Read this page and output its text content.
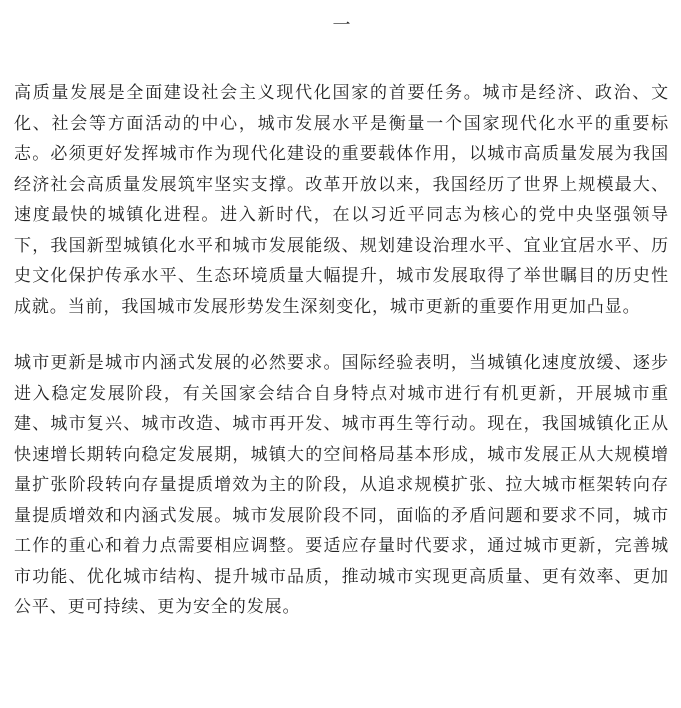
一

高质量发展是全面建设社会主义现代化国家的首要任务。城市是经济、政治、文化、社会等方面活动的中心，城市发展水平是衡量一个国家现代化水平的重要标志。必须更好发挥城市作为现代化建设的重要载体作用，以城市高质量发展为我国经济社会高质量发展筑牢坚实支撑。改革开放以来，我国经历了世界上规模最大、速度最快的城镇化进程。进入新时代，在以习近平同志为核心的党中央坚强领导下，我国新型城镇化水平和城市发展能级、规划建设治理水平、宜业宜居水平、历史文化保护传承水平、生态环境质量大幅提升，城市发展取得了举世瞩目的历史性成就。当前，我国城市发展形势发生深刻变化，城市更新的重要作用更加凸显。

城市更新是城市内涵式发展的必然要求。国际经验表明，当城镇化速度放缓、逐步进入稳定发展阶段，有关国家会结合自身特点对城市进行有机更新，开展城市重建、城市复兴、城市改造、城市再开发、城市再生等行动。现在，我国城镇化正从快速增长期转向稳定发展期，城镇大的空间格局基本形成，城市发展正从大规模增量扩张阶段转向存量提质增效为主的阶段，从追求规模扩张、拉大城市框架转向存量提质增效和内涵式发展。城市发展阶段不同，面临的矛盾问题和要求不同，城市工作的重心和着力点需要相应调整。要适应存量时代要求，通过城市更新，完善城市功能、优化城市结构、提升城市品质，推动城市实现更高质量、更有效率、更加公平、更可持续、更为安全的发展。
